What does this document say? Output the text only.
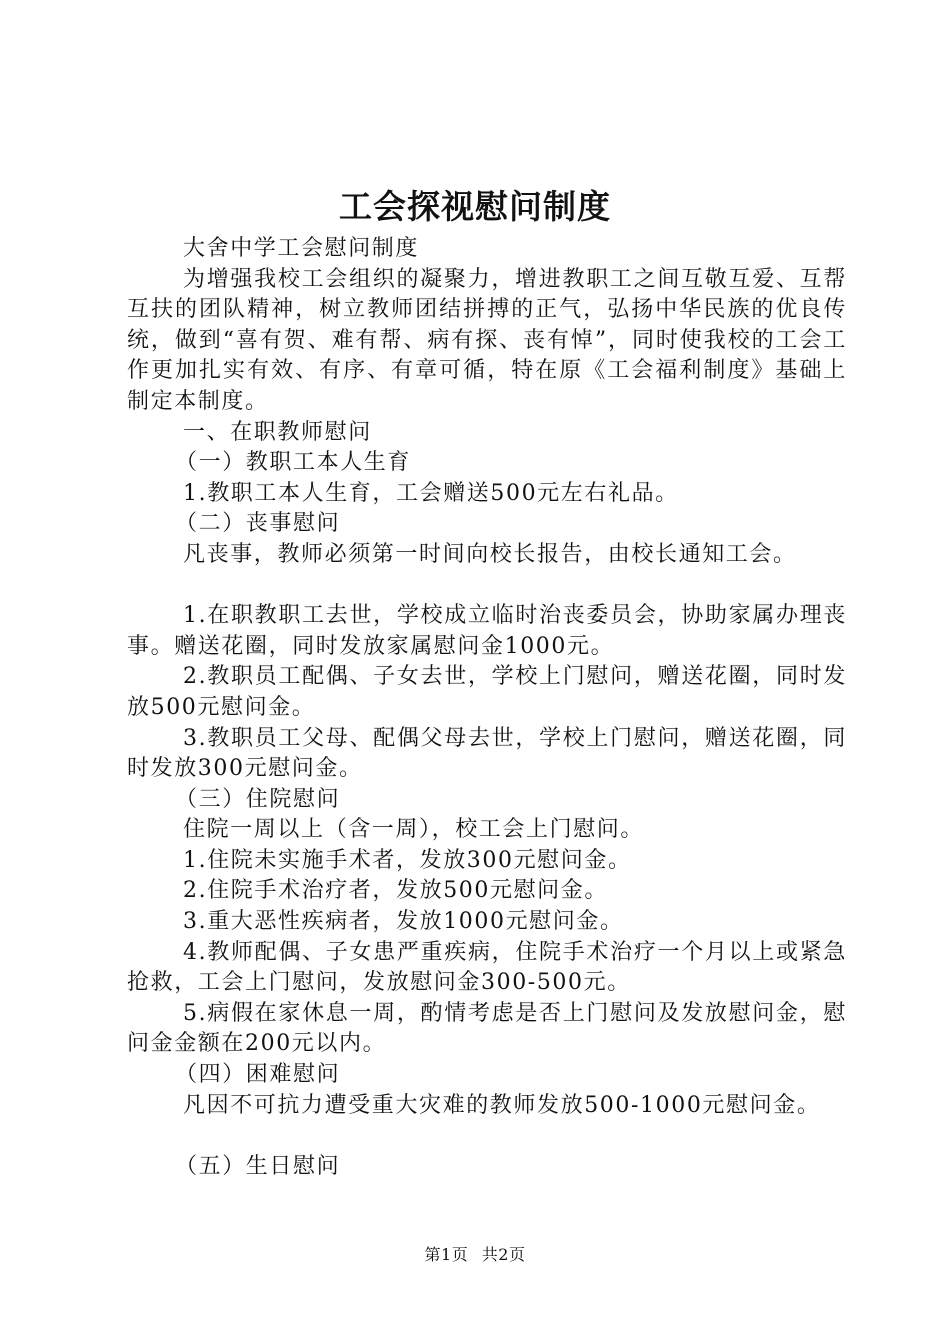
工会探视慰问制度

大舍中学工会慰问制度

为增强我校工会组织的凝聚力，增进教职工之间互敬互爱、互帮互扶的团队精神，树立教师团结拼搏的正气，弘扬中华民族的优良传统，做到“喜有贺、难有帮、病有探、丧有悼”，同时使我校的工会工作更加扎实有效、有序、有章可循，特在原《工会福利制度》基础上制定本制度。

一、在职教师慰问

（一）教职工本人生育

1.教职工本人生育，工会赠送500元左右礼品。

（二）丧事慰问

凡丧事，教师必须第一时间向校长报告，由校长通知工会。

1.在职教职工去世，学校成立临时治丧委员会，协助家属办理丧事。赠送花圈，同时发放家属慰问金1000元。

2.教职员工配偶、子女去世，学校上门慰问，赠送花圈，同时发放500元慰问金。

3.教职员工父母、配偶父母去世，学校上门慰问，赠送花圈，同时发放300元慰问金。

（三）住院慰问

住院一周以上（含一周），校工会上门慰问。

1.住院未实施手术者，发放300元慰问金。

2.住院手术治疗者，发放500元慰问金。

3.重大恶性疾病者，发放1000元慰问金。

4.教师配偶、子女患严重疾病，住院手术治疗一个月以上或紧急抢救，工会上门慰问，发放慰问金300-500元。

5.病假在家休息一周，酌情考虑是否上门慰问及发放慰问金，慰问金金额在200元以内。

（四）困难慰问

凡因不可抗力遭受重大灾难的教师发放500-1000元慰问金。

（五）生日慰问

第1页 共2页
